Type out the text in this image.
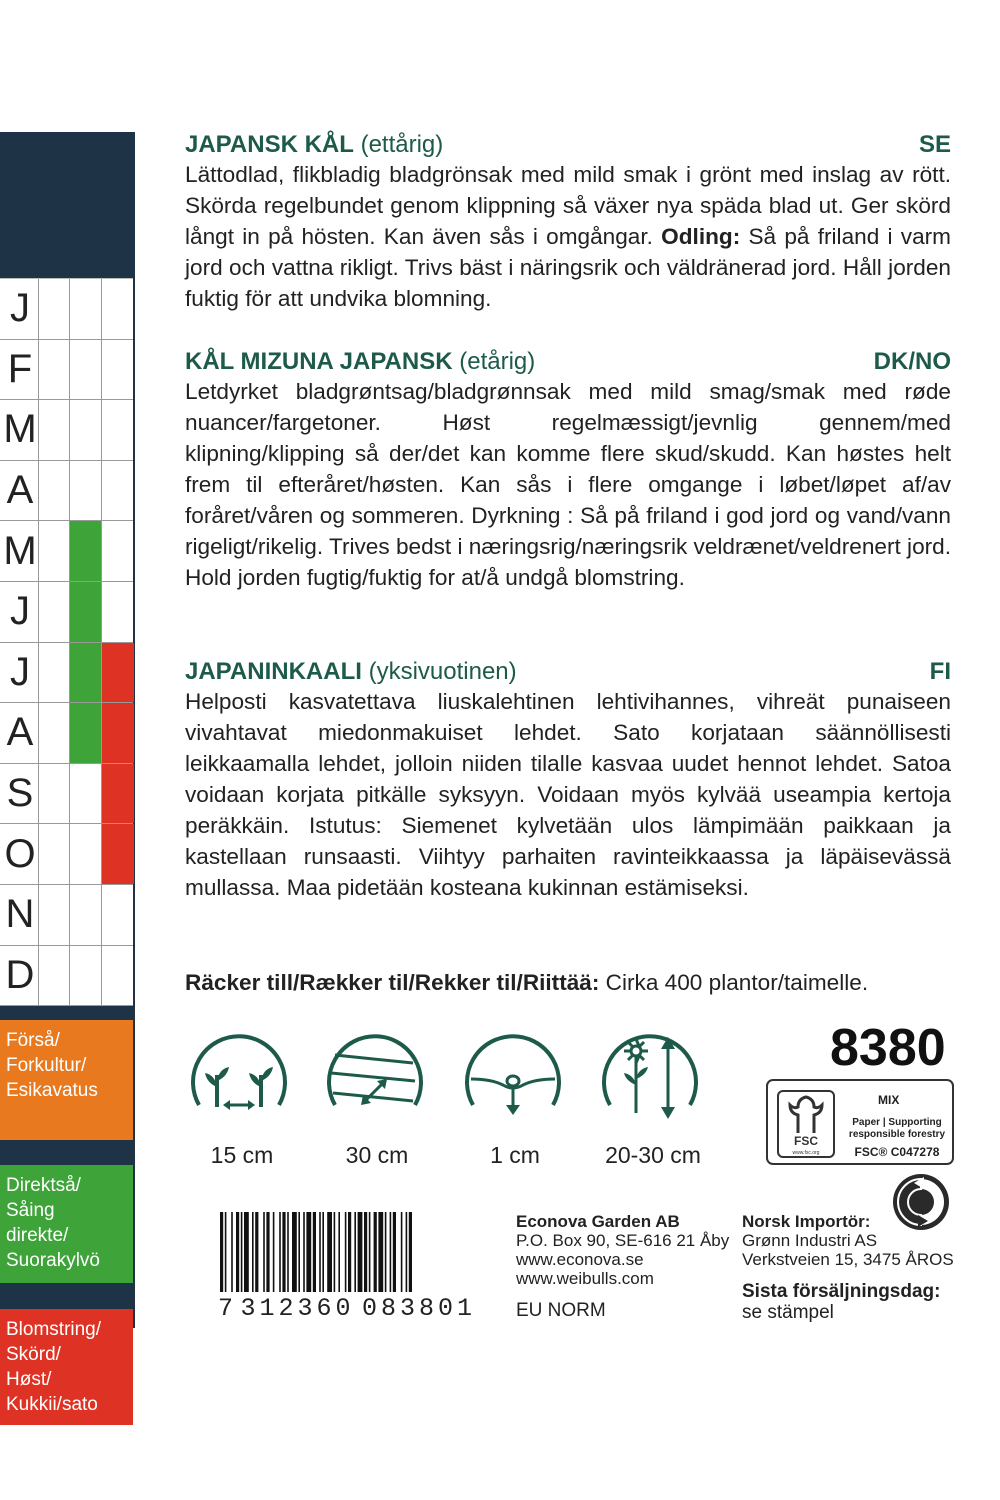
J
F
M
A
M
J
J
A
S
O
N
D
Förså/
Forkultur/
Esikavatus
Direktså/
Såing
direkte/
Suorakylvö
Blomstring/
Skörd/
Høst/
Kukkii/sato
JAPANSK KÅL (ettårig)	SE
Lättodlad, flikbladig bladgrönsak med mild smak i grönt med inslag av rött. Skörda regelbundet genom klippning så växer nya späda blad ut. Ger skörd långt in på hösten. Kan även sås i omgångar. Odling: Så på friland i varm jord och vattna rikligt. Trivs bäst i näringsrik och väldränerad jord. Håll jorden fuktig för att undvika blomning.
KÅL MIZUNA JAPANSK (etårig)	DK/NO
Letdyrket bladgrøntsag/bladgrønnsak med mild smag/smak med røde nuancer/fargetoner. Høst regelmæssigt/jevnlig gennem/med klipning/klipping så der/det kan komme flere skud/skudd. Kan høstes helt frem til efteråret/høsten. Kan sås i flere omgange i løbet/løpet af/av foråret/våren og sommeren. Dyrkning : Så på friland i god jord og vand/vann rigeligt/rikelig. Trives bedst i næringsrig/næringsrik veldrænet/veldrenert jord. Hold jorden fugtig/fuktig for at/å undgå blomstring.
JAPANINKAALI (yksivuotinen)	FI
Helposti kasvatettava liuskalehtinen lehtivihannes, vihreät punaiseen vivahtavat miedonmakuiset lehdet. Sato korjataan säännöllisesti leikkaamalla lehdet, jolloin niiden tilalle kasvaa uudet hennot lehdet. Satoa voidaan korjata pitkälle syksyyn. Voidaan myös kylvää useampia kertoja peräkkäin. Istutus: Siemenet kylvetään ulos lämpimään paikkaan ja kastellaan runsaasti. Viihtyy parhaiten ravinteikkaassa ja läpäisevässä mullassa. Maa pidetään kosteana kukinnan estämiseksi.
Räcker till/Rækker til/Rekker til/Riittää: Cirka 400 plantor/taimelle.
15 cm	30 cm	1 cm	20-30 cm
8380
FSC
www.fsc.org
MIX
Paper | Supporting
responsible forestry
FSC® C047278
7 312360 083801
Econova Garden AB
P.O. Box 90, SE-616 21 Åby
www.econova.se
www.weibulls.com
Norsk Importör:
Grønn Industri AS
Verkstveien 15, 3475 ÅROS
EU NORM
Sista försäljningsdag:
se stämpel
